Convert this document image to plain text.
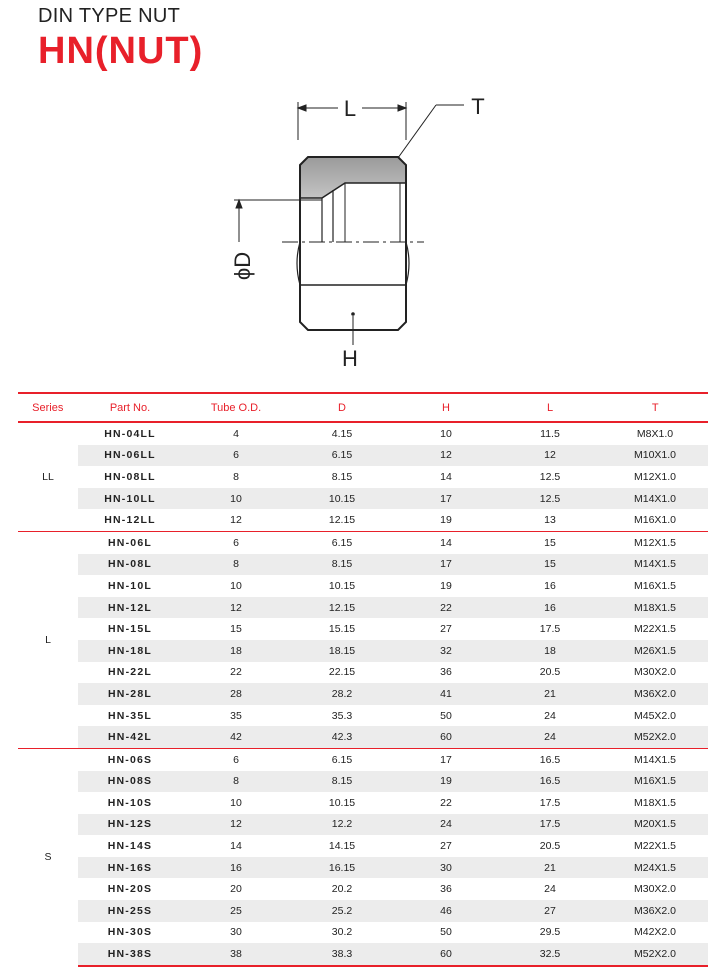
DIN TYPE NUT
HN(NUT)
L	T
ϕD
H
Series	Part No.	Tube O.D.	D	H	L	T
LL	HN-04LL	4	4.15	10	11.5	M8X1.0
	HN-06LL	6	6.15	12	12	M10X1.0
	HN-08LL	8	8.15	14	12.5	M12X1.0
	HN-10LL	10	10.15	17	12.5	M14X1.0
	HN-12LL	12	12.15	19	13	M16X1.0
L	HN-06L	6	6.15	14	15	M12X1.5
	HN-08L	8	8.15	17	15	M14X1.5
	HN-10L	10	10.15	19	16	M16X1.5
	HN-12L	12	12.15	22	16	M18X1.5
	HN-15L	15	15.15	27	17.5	M22X1.5
	HN-18L	18	18.15	32	18	M26X1.5
	HN-22L	22	22.15	36	20.5	M30X2.0
	HN-28L	28	28.2	41	21	M36X2.0
	HN-35L	35	35.3	50	24	M45X2.0
	HN-42L	42	42.3	60	24	M52X2.0
S	HN-06S	6	6.15	17	16.5	M14X1.5
	HN-08S	8	8.15	19	16.5	M16X1.5
	HN-10S	10	10.15	22	17.5	M18X1.5
	HN-12S	12	12.2	24	17.5	M20X1.5
	HN-14S	14	14.15	27	20.5	M22X1.5
	HN-16S	16	16.15	30	21	M24X1.5
	HN-20S	20	20.2	36	24	M30X2.0
	HN-25S	25	25.2	46	27	M36X2.0
	HN-30S	30	30.2	50	29.5	M42X2.0
	HN-38S	38	38.3	60	32.5	M52X2.0
